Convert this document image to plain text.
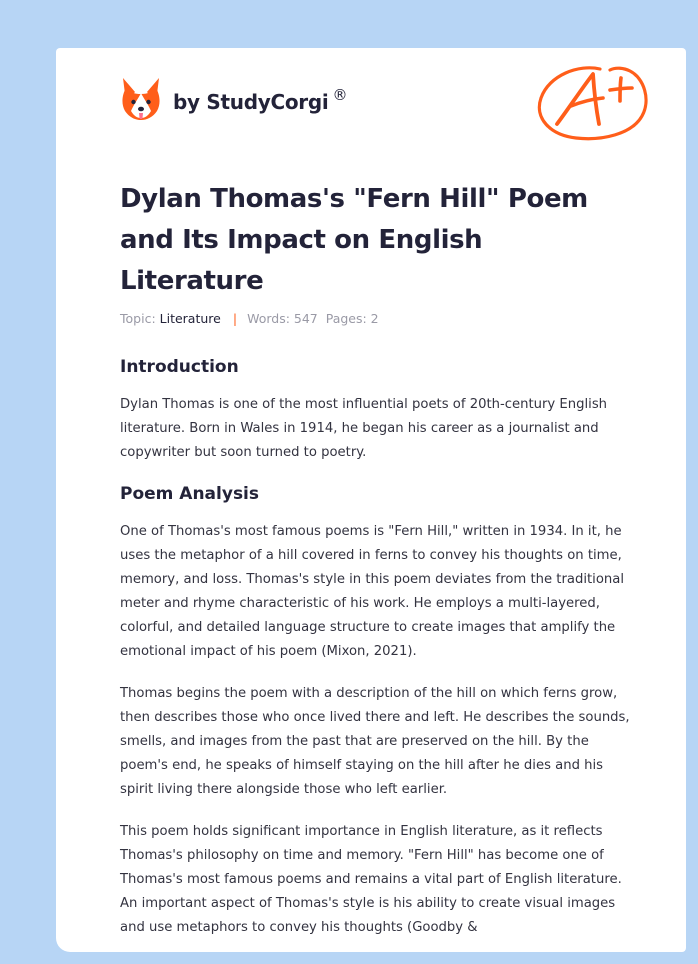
by StudyCorgi ®
Dylan Thomas's "Fern Hill" Poem and Its Impact on English Literature
Topic: Literature | Words: 547 Pages: 2
Introduction

Dylan Thomas is one of the most influential poets of 20th-century English literature. Born in Wales in 1914, he began his career as a journalist and copywriter but soon turned to poetry.

Poem Analysis

One of Thomas's most famous poems is "Fern Hill," written in 1934. In it, he uses the metaphor of a hill covered in ferns to convey his thoughts on time, memory, and loss. Thomas's style in this poem deviates from the traditional meter and rhyme characteristic of his work. He employs a multi-layered, colorful, and detailed language structure to create images that amplify the emotional impact of his poem (Mixon, 2021).

Thomas begins the poem with a description of the hill on which ferns grow, then describes those who once lived there and left. He describes the sounds, smells, and images from the past that are preserved on the hill. By the poem's end, he speaks of himself staying on the hill after he dies and his spirit living there alongside those who left earlier.

This poem holds significant importance in English literature, as it reflects Thomas's philosophy on time and memory. "Fern Hill" has become one of Thomas's most famous poems and remains a vital part of English literature. An important aspect of Thomas's style is his ability to create visual images and use metaphors to convey his thoughts (Goodby &
